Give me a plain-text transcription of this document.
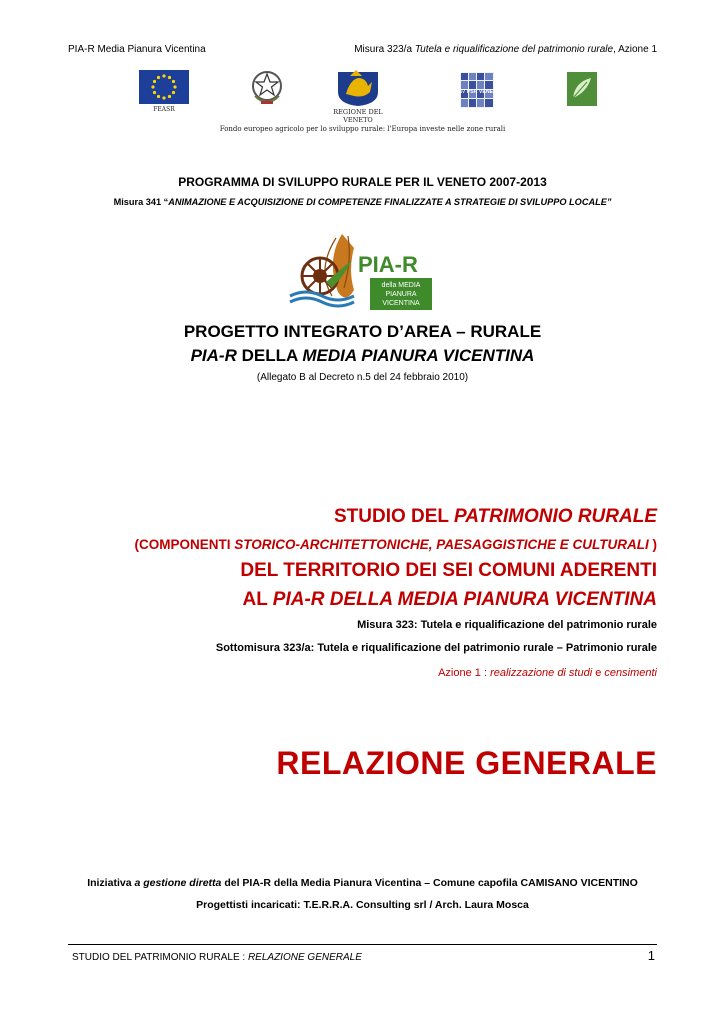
PIA-R Media Pianura Vicentina	Misura 323/a Tutela e riqualificazione del patrimonio rurale, Azione 1
FEASR	REGIONE DEL VENETO
2007 PSR VENETO
Fondo europeo agricolo per lo sviluppo rurale: l'Europa investe nelle zone rurali
PROGRAMMA DI SVILUPPO RURALE PER IL VENETO 2007-2013
Misura 341 “ANIMAZIONE E ACQUISIZIONE DI COMPETENZE FINALIZZATE A STRATEGIE DI SVILUPPO LOCALE”
PIA-R
della MEDIA
PIANURA
VICENTINA
PROGETTO INTEGRATO D’AREA – RURALE
PIA-R DELLA MEDIA PIANURA VICENTINA
(Allegato B al Decreto n.5 del 24 febbraio 2010)
STUDIO DEL PATRIMONIO RURALE
(COMPONENTI STORICO-ARCHITETTONICHE, PAESAGGISTICHE E CULTURALI )
DEL TERRITORIO DEI SEI COMUNI ADERENTI
AL PIA-R DELLA MEDIA PIANURA VICENTINA
Misura 323: Tutela e riqualificazione del patrimonio rurale
Sottomisura 323/a: Tutela e riqualificazione del patrimonio rurale – Patrimonio rurale
Azione 1 : realizzazione di studi e censimenti
RELAZIONE GENERALE
Iniziativa a gestione diretta del PIA-R della Media Pianura Vicentina – Comune capofila CAMISANO VICENTINO
Progettisti incaricati: T.E.R.R.A. Consulting srl / Arch. Laura Mosca
STUDIO DEL PATRIMONIO RURALE : RELAZIONE GENERALE	1
